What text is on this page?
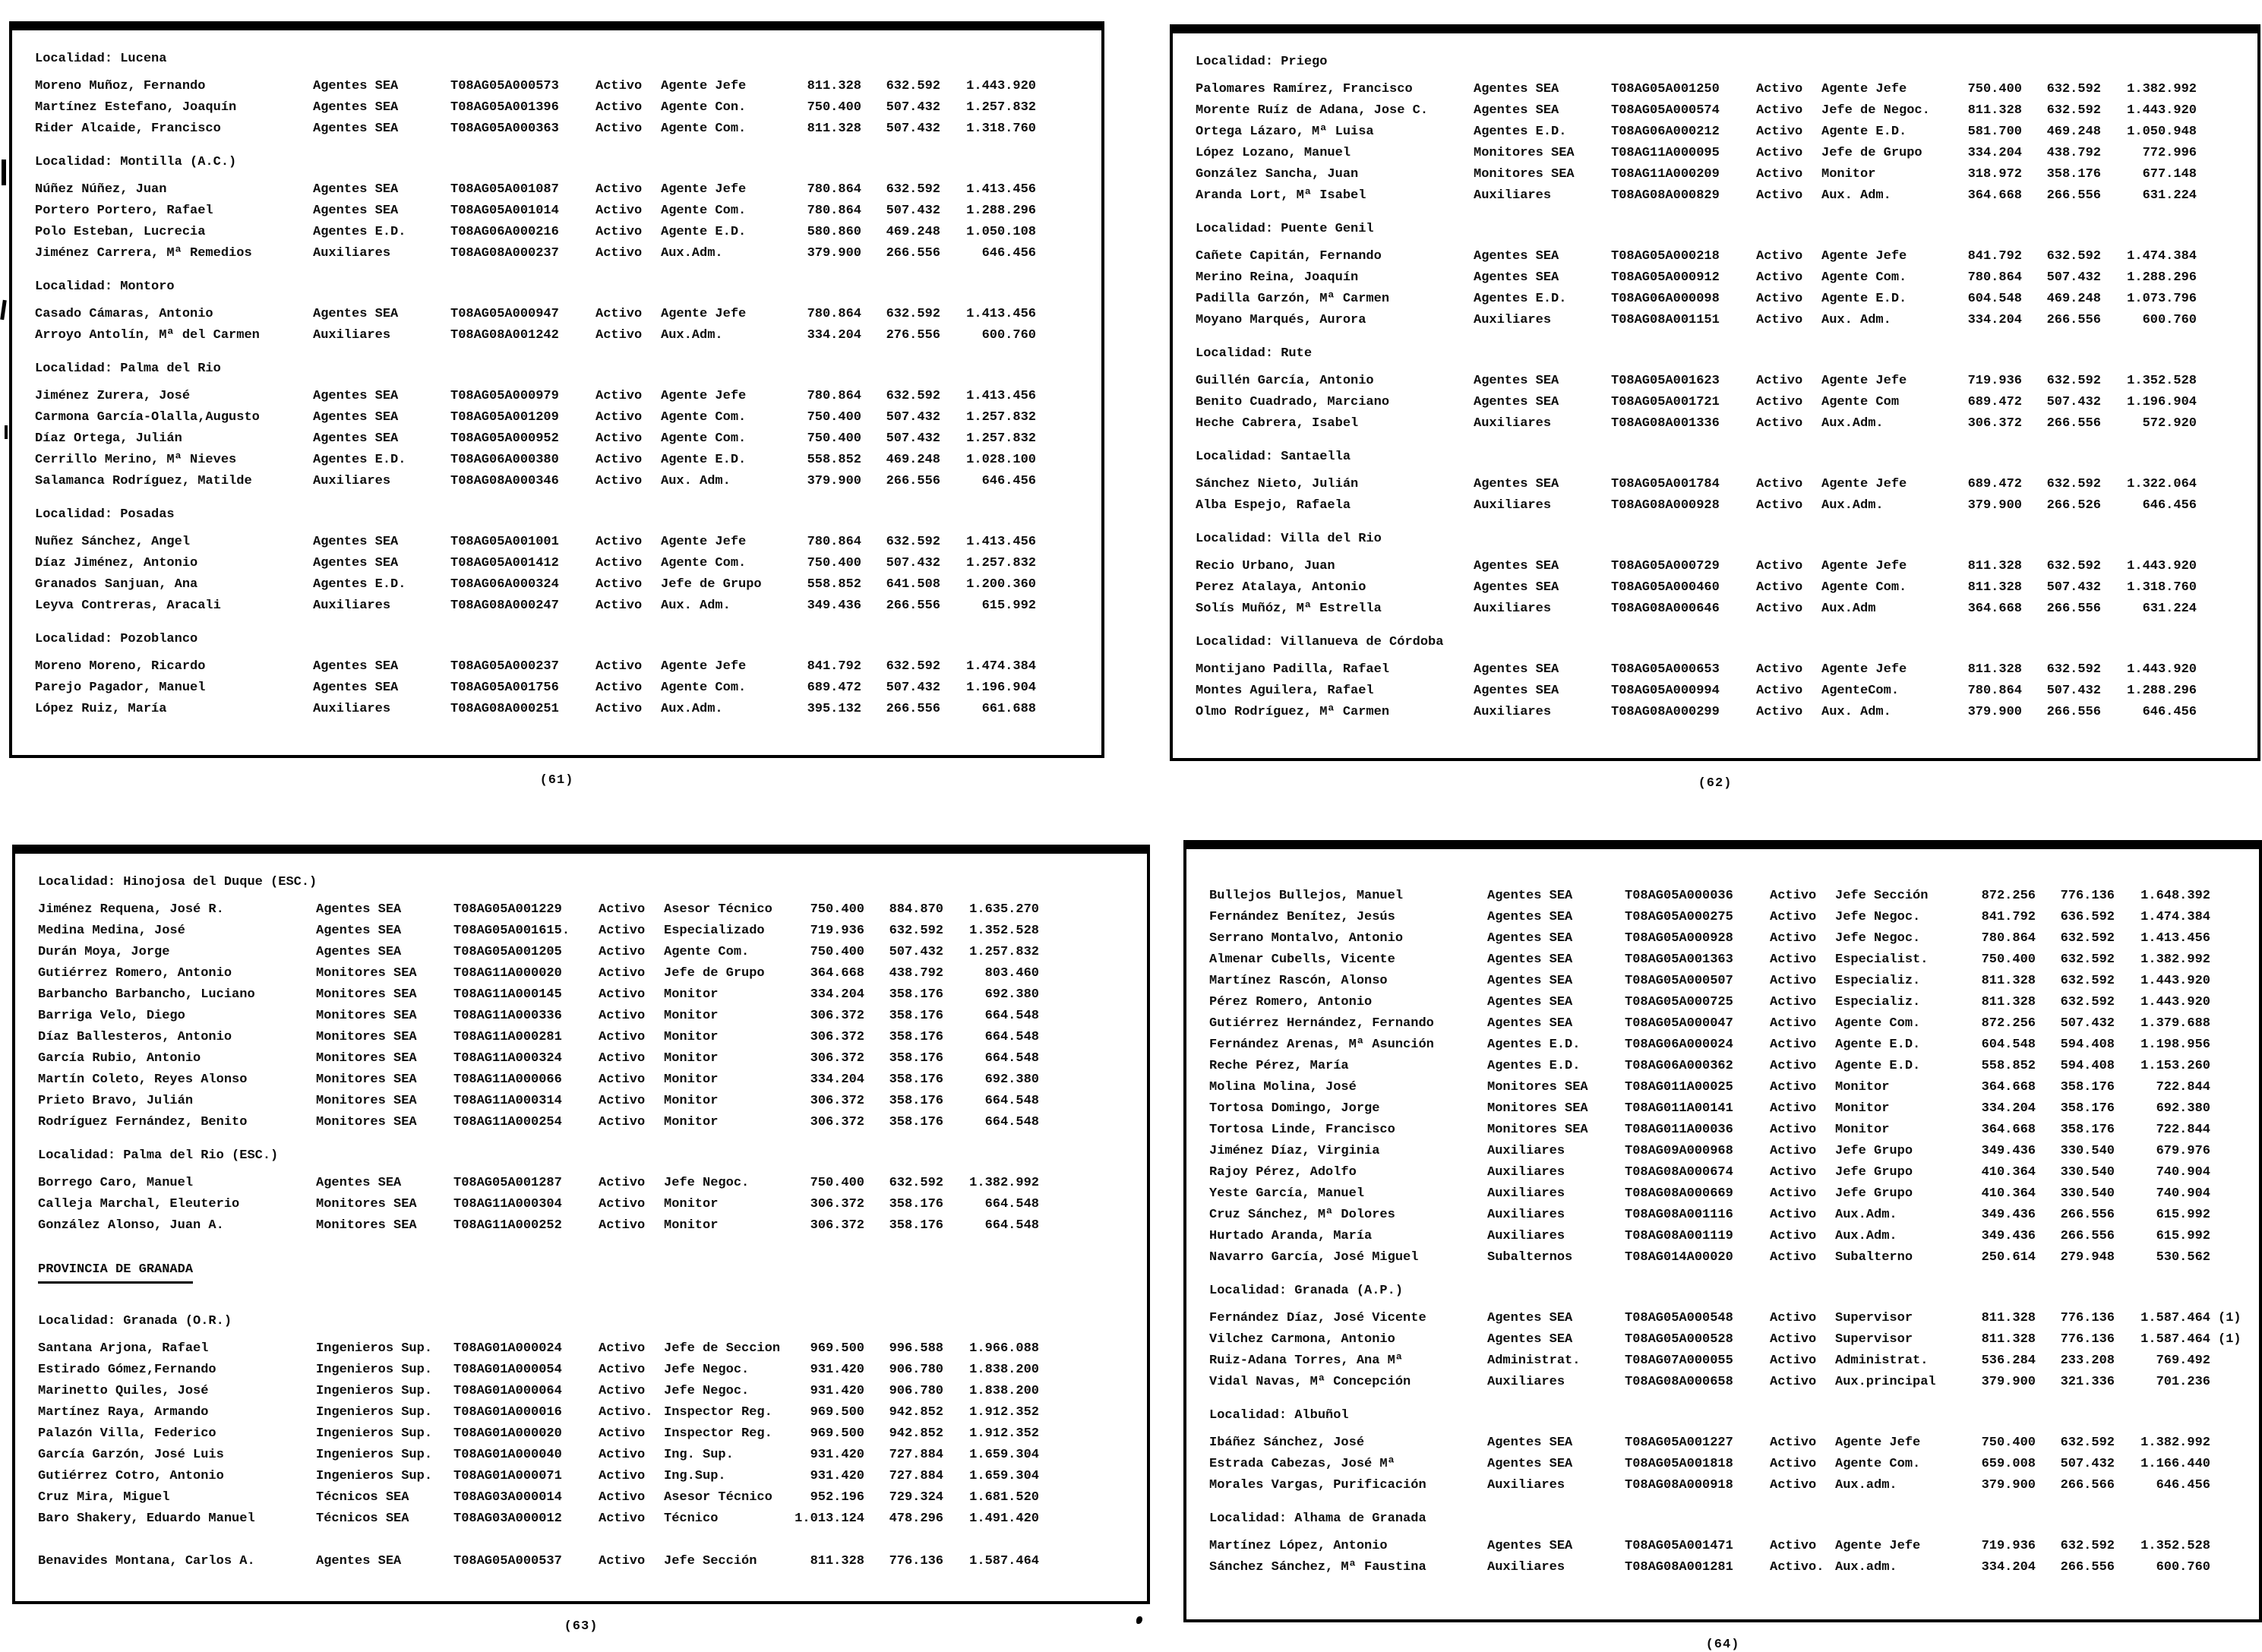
Localidad: Lucena
Moreno Muñoz, Fernando	Agentes SEA	T08AG05A000573	Activo	Agente Jefe	811.328	632.592	1.443.920
Martínez Estefano, Joaquín	Agentes SEA	T08AG05A001396	Activo	Agente Con.	750.400	507.432	1.257.832
Rider Alcaide, Francisco	Agentes SEA	T08AG05A000363	Activo	Agente Com.	811.328	507.432	1.318.760
Localidad: Montilla (A.C.)
Núñez Núñez, Juan	Agentes SEA	T08AG05A001087	Activo	Agente Jefe	780.864	632.592	1.413.456
Portero Portero, Rafael	Agentes SEA	T08AG05A001014	Activo	Agente Com.	780.864	507.432	1.288.296
Polo Esteban, Lucrecia	Agentes E.D.	T08AG06A000216	Activo	Agente E.D.	580.860	469.248	1.050.108
Jiménez Carrera, Mª Remedios	Auxiliares	T08AG08A000237	Activo	Aux.Adm.	379.900	266.556	646.456
Localidad: Montoro
Casado Cámaras, Antonio	Agentes SEA	T08AG05A000947	Activo	Agente Jefe	780.864	632.592	1.413.456
Arroyo Antolín, Mª del Carmen	Auxiliares	T08AG08A001242	Activo	Aux.Adm.	334.204	276.556	600.760
Localidad: Palma del Rio
Jiménez Zurera, José	Agentes SEA	T08AG05A000979	Activo	Agente Jefe	780.864	632.592	1.413.456
Carmona García-Olalla,Augusto	Agentes SEA	T08AG05A001209	Activo	Agente Com.	750.400	507.432	1.257.832
Díaz Ortega, Julián	Agentes SEA	T08AG05A000952	Activo	Agente Com.	750.400	507.432	1.257.832
Cerrillo Merino, Mª Nieves	Agentes E.D.	T08AG06A000380	Activo	Agente E.D.	558.852	469.248	1.028.100
Salamanca Rodríguez, Matilde	Auxiliares	T08AG08A000346	Activo	Aux. Adm.	379.900	266.556	646.456
Localidad: Posadas
Nuñez Sánchez, Angel	Agentes SEA	T08AG05A001001	Activo	Agente Jefe	780.864	632.592	1.413.456
Díaz Jiménez, Antonio	Agentes SEA	T08AG05A001412	Activo	Agente Com.	750.400	507.432	1.257.832
Granados Sanjuan, Ana	Agentes E.D.	T08AG06A000324	Activo	Jefe de Grupo	558.852	641.508	1.200.360
Leyva Contreras, Aracali	Auxiliares	T08AG08A000247	Activo	Aux. Adm.	349.436	266.556	615.992
Localidad: Pozoblanco
Moreno Moreno, Ricardo	Agentes SEA	T08AG05A000237	Activo	Agente Jefe	841.792	632.592	1.474.384
Parejo Pagador, Manuel	Agentes SEA	T08AG05A001756	Activo	Agente Com.	689.472	507.432	1.196.904
López Ruiz, María	Auxiliares	T08AG08A000251	Activo	Aux.Adm.	395.132	266.556	661.688
(61)
Localidad: Priego
Palomares Ramírez, Francisco	Agentes SEA	T08AG05A001250	Activo	Agente Jefe	750.400	632.592	1.382.992
Morente Ruíz de Adana, Jose C.	Agentes SEA	T08AG05A000574	Activo	Jefe de Negoc.	811.328	632.592	1.443.920
Ortega Lázaro, Mª Luisa	Agentes E.D.	T08AG06A000212	Activo	Agente E.D.	581.700	469.248	1.050.948
López Lozano, Manuel	Monitores SEA	T08AG11A000095	Activo	Jefe de Grupo	334.204	438.792	772.996
González Sancha, Juan	Monitores SEA	T08AG11A000209	Activo	Monitor	318.972	358.176	677.148
Aranda Lort, Mª Isabel	Auxiliares	T08AG08A000829	Activo	Aux. Adm.	364.668	266.556	631.224
Localidad: Puente Genil
Cañete Capitán, Fernando	Agentes SEA	T08AG05A000218	Activo	Agente Jefe	841.792	632.592	1.474.384
Merino Reina, Joaquín	Agentes SEA	T08AG05A000912	Activo	Agente Com.	780.864	507.432	1.288.296
Padilla Garzón, Mª Carmen	Agentes E.D.	T08AG06A000098	Activo	Agente E.D.	604.548	469.248	1.073.796
Moyano Marqués, Aurora	Auxiliares	T08AG08A001151	Activo	Aux. Adm.	334.204	266.556	600.760
Localidad: Rute
Guillén García, Antonio	Agentes SEA	T08AG05A001623	Activo	Agente Jefe	719.936	632.592	1.352.528
Benito Cuadrado, Marciano	Agentes SEA	T08AG05A001721	Activo	Agente Com	689.472	507.432	1.196.904
Heche Cabrera, Isabel	Auxiliares	T08AG08A001336	Activo	Aux.Adm.	306.372	266.556	572.920
Localidad: Santaella
Sánchez Nieto, Julián	Agentes SEA	T08AG05A001784	Activo	Agente Jefe	689.472	632.592	1.322.064
Alba Espejo, Rafaela	Auxiliares	T08AG08A000928	Activo	Aux.Adm.	379.900	266.526	646.456
Localidad: Villa del Rio
Recio Urbano, Juan	Agentes SEA	T08AG05A000729	Activo	Agente Jefe	811.328	632.592	1.443.920
Perez Atalaya, Antonio	Agentes SEA	T08AG05A000460	Activo	Agente Com.	811.328	507.432	1.318.760
Solís Muñóz, Mª Estrella	Auxiliares	T08AG08A000646	Activo	Aux.Adm	364.668	266.556	631.224
Localidad: Villanueva de Córdoba
Montijano Padilla, Rafael	Agentes SEA	T08AG05A000653	Activo	Agente Jefe	811.328	632.592	1.443.920
Montes Aguilera, Rafael	Agentes SEA	T08AG05A000994	Activo	AgenteCom.	780.864	507.432	1.288.296
Olmo Rodríguez, Mª Carmen	Auxiliares	T08AG08A000299	Activo	Aux. Adm.	379.900	266.556	646.456
(62)
Localidad: Hinojosa del Duque (ESC.)
Jiménez Requena, José R.	Agentes SEA	T08AG05A001229	Activo	Asesor Técnico	750.400	884.870	1.635.270
Medina Medina, José	Agentes SEA	T08AG05A001615.	Activo	Especializado	719.936	632.592	1.352.528
Durán Moya, Jorge	Agentes SEA	T08AG05A001205	Activo	Agente Com.	750.400	507.432	1.257.832
Gutiérrez Romero, Antonio	Monitores SEA	T08AG11A000020	Activo	Jefe de Grupo	364.668	438.792	803.460
Barbancho Barbancho, Luciano	Monitores SEA	T08AG11A000145	Activo	Monitor	334.204	358.176	692.380
Barriga Velo, Diego	Monitores SEA	T08AG11A000336	Activo	Monitor	306.372	358.176	664.548
Díaz Ballesteros, Antonio	Monitores SEA	T08AG11A000281	Activo	Monitor	306.372	358.176	664.548
García Rubio, Antonio	Monitores SEA	T08AG11A000324	Activo	Monitor	306.372	358.176	664.548
Martín Coleto, Reyes Alonso	Monitores SEA	T08AG11A000066	Activo	Monitor	334.204	358.176	692.380
Prieto Bravo, Julián	Monitores SEA	T08AG11A000314	Activo	Monitor	306.372	358.176	664.548
Rodríguez Fernández, Benito	Monitores SEA	T08AG11A000254	Activo	Monitor	306.372	358.176	664.548
Localidad: Palma del Rio (ESC.)
Borrego Caro, Manuel	Agentes SEA	T08AG05A001287	Activo	Jefe Negoc.	750.400	632.592	1.382.992
Calleja Marchal, Eleuterio	Monitores SEA	T08AG11A000304	Activo	Monitor	306.372	358.176	664.548
González Alonso, Juan A.	Monitores SEA	T08AG11A000252	Activo	Monitor	306.372	358.176	664.548
PROVINCIA DE GRANADA
Localidad: Granada (O.R.)
Santana Arjona, Rafael	Ingenieros Sup.	T08AG01A000024	Activo	Jefe de Seccion	969.500	996.588	1.966.088
Estirado Gómez,Fernando	Ingenieros Sup.	T08AG01A000054	Activo	Jefe Negoc.	931.420	906.780	1.838.200
Marinetto Quiles, José	Ingenieros Sup.	T08AG01A000064	Activo	Jefe Negoc.	931.420	906.780	1.838.200
Martínez Raya, Armando	Ingenieros Sup.	T08AG01A000016	Activo. Inspector Reg.	969.500	942.852	1.912.352
Palazón Villa, Federico	Ingenieros Sup.	T08AG01A000020	Activo	Inspector Reg.	969.500	942.852	1.912.352
García Garzón, José Luis	Ingenieros Sup.	T08AG01A000040	Activo	Ing. Sup.	931.420	727.884	1.659.304
Gutiérrez Cotro, Antonio	Ingenieros Sup.	T08AG01A000071	Activo	Ing.Sup.	931.420	727.884	1.659.304
Cruz Mira, Miguel	Técnicos SEA	T08AG03A000014	Activo	Asesor Técnico	952.196	729.324	1.681.520
Baro Shakery, Eduardo Manuel	Técnicos SEA	T08AG03A000012	Activo	Técnico	1.013.124	478.296	1.491.420
Benavides Montana, Carlos A.	Agentes SEA	T08AG05A000537	Activo	Jefe Sección	811.328	776.136	1.587.464
(63)
Bullejos Bullejos, Manuel	Agentes SEA	T08AG05A000036	Activo	Jefe Sección	872.256	776.136	1.648.392
Fernández Benítez, Jesús	Agentes SEA	T08AG05A000275	Activo	Jefe Negoc.	841.792	636.592	1.474.384
Serrano Montalvo, Antonio	Agentes SEA	T08AG05A000928	Activo	Jefe Negoc.	780.864	632.592	1.413.456
Almenar Cubells, Vicente	Agentes SEA	T08AG05A001363	Activo	Especialist.	750.400	632.592	1.382.992
Martínez Rascón, Alonso	Agentes SEA	T08AG05A000507	Activo	Especializ.	811.328	632.592	1.443.920
Pérez Romero, Antonio	Agentes SEA	T08AG05A000725	Activo	Especializ.	811.328	632.592	1.443.920
Gutiérrez Hernández, Fernando	Agentes SEA	T08AG05A000047	Activo	Agente Com.	872.256	507.432	1.379.688
Fernández Arenas, Mª Asunción	Agentes E.D.	T08AG06A000024	Activo	Agente E.D.	604.548	594.408	1.198.956
Reche Pérez, María	Agentes E.D.	T08AG06A000362	Activo	Agente E.D.	558.852	594.408	1.153.260
Molina Molina, José	Monitores SEA	T08AG011A00025	Activo	Monitor	364.668	358.176	722.844
Tortosa Domingo, Jorge	Monitores SEA	T08AG011A00141	Activo	Monitor	334.204	358.176	692.380
Tortosa Linde, Francisco	Monitores SEA	T08AG011A00036	Activo	Monitor	364.668	358.176	722.844
Jiménez Díaz, Virginia	Auxiliares	T08AG09A000968	Activo	Jefe Grupo	349.436	330.540	679.976
Rajoy Pérez, Adolfo	Auxiliares	T08AG08A000674	Activo	Jefe Grupo	410.364	330.540	740.904
Yeste García, Manuel	Auxiliares	T08AG08A000669	Activo	Jefe Grupo	410.364	330.540	740.904
Cruz Sánchez, Mª Dolores	Auxiliares	T08AG08A001116	Activo	Aux.Adm.	349.436	266.556	615.992
Hurtado Aranda, María	Auxiliares	T08AG08A001119	Activo	Aux.Adm.	349.436	266.556	615.992
Navarro García, José Miguel	Subalternos	T08AG014A00020	Activo	Subalterno	250.614	279.948	530.562
Localidad: Granada (A.P.)
Fernández Díaz, José Vicente	Agentes SEA	T08AG05A000548	Activo	Supervisor	811.328	776.136	1.587.464 (1)
Vilchez Carmona, Antonio	Agentes SEA	T08AG05A000528	Activo	Supervisor	811.328	776.136	1.587.464 (1)
Ruiz-Adana Torres, Ana Mª	Administrat.	T08AG07A000055	Activo	Administrat.	536.284	233.208	769.492
Vidal Navas, Mª Concepción	Auxiliares	T08AG08A000658	Activo	Aux.principal	379.900	321.336	701.236
Localidad: Albuñol
Ibáñez Sánchez, José	Agentes SEA	T08AG05A001227	Activo	Agente Jefe	750.400	632.592	1.382.992
Estrada Cabezas, José Mª	Agentes SEA	T08AG05A001818	Activo	Agente Com.	659.008	507.432	1.166.440
Morales Vargas, Purificación	Auxiliares	T08AG08A000918	Activo	Aux.adm.	379.900	266.566	646.456
Localidad: Alhama de Granada
Martínez López, Antonio	Agentes SEA	T08AG05A001471	Activo	Agente Jefe	719.936	632.592	1.352.528
Sánchez Sánchez, Mª Faustina	Auxiliares	T08AG08A001281	Activo. Aux.adm.	334.204	266.556	600.760
(64)
